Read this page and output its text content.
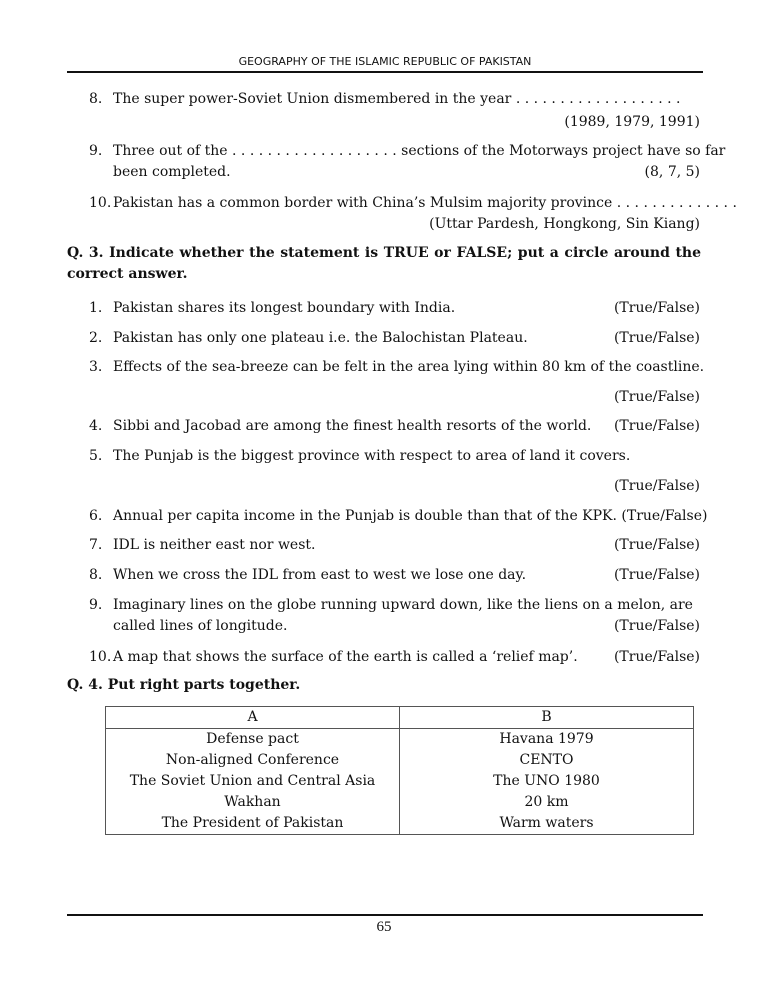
GEOGRAPHY OF THE ISLAMIC REPUBLIC OF PAKISTAN
8. The super power-Soviet Union dismembered in the year . . . . . . . . . . . . . . . . . . .
(1989, 1979, 1991)
9. Three out of the . . . . . . . . . . . . . . . . . . . sections of the Motorways project have so far
been completed.	(8, 7, 5)
10. Pakistan has a common border with China’s Mulsim majority province . . . . . . . . . . . . . .
(Uttar Pardesh, Hongkong, Sin Kiang)
Q. 3. Indicate whether the statement is TRUE or FALSE; put a circle around the correct answer.
1. Pakistan shares its longest boundary with India.	(True/False)
2. Pakistan has only one plateau i.e. the Balochistan Plateau.	(True/False)
3. Effects of the sea-breeze can be felt in the area lying within 80 km of the coastline.
(True/False)
4. Sibbi and Jacobad are among the finest health resorts of the world. (True/False)
5. The Punjab is the biggest province with respect to area of land it covers.
(True/False)
6. Annual per capita income in the Punjab is double than that of the KPK. (True/False)
7. IDL is neither east nor west.	(True/False)
8. When we cross the IDL from east to west we lose one day.	(True/False)
9. Imaginary lines on the globe running upward down, like the liens on a melon, are
called lines of longitude.	(True/False)
10. A map that shows the surface of the earth is called a ‘relief map’.	(True/False)
Q. 4. Put right parts together.
A	B
Defense pact	Havana 1979
Non-aligned Conference	CENTO
The Soviet Union and Central Asia	The UNO 1980
Wakhan	20 km
The President of Pakistan	Warm waters
65
